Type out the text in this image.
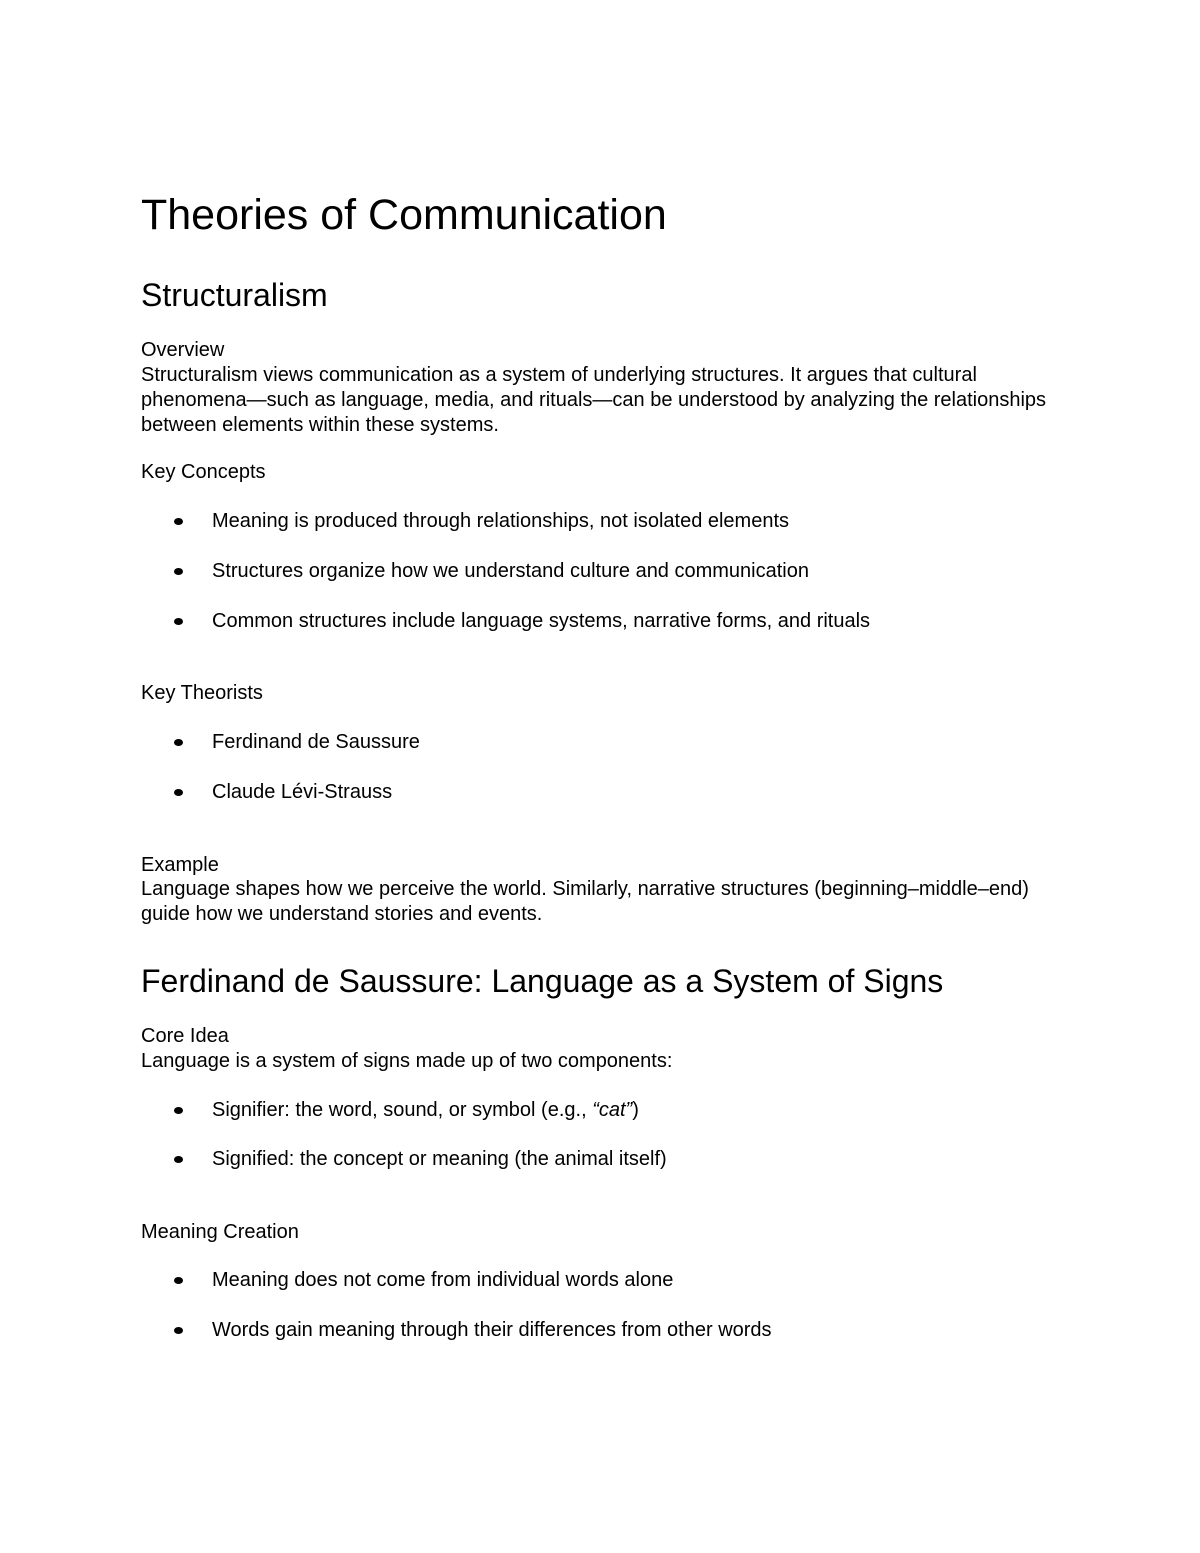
Theories of Communication
Structuralism
Overview

Structuralism views communication as a system of underlying structures. It argues that cultural phenomena—such as language, media, and rituals—can be understood by analyzing the relationships between elements within these systems.

Key Concepts
Meaning is produced through relationships, not isolated elements
Structures organize how we understand culture and communication
Common structures include language systems, narrative forms, and rituals
Key Theorists
Ferdinand de Saussure
Claude Lévi-Strauss
Example

Language shapes how we perceive the world. Similarly, narrative structures (beginning–middle–end) guide how we understand stories and events.

Ferdinand de Saussure: Language as a System of Signs
Core Idea
Language is a system of signs made up of two components:
Signifier: the word, sound, or symbol (e.g., “cat”)
Signified: the concept or meaning (the animal itself)
Meaning Creation
Meaning does not come from individual words alone
Words gain meaning through their differences from other words
